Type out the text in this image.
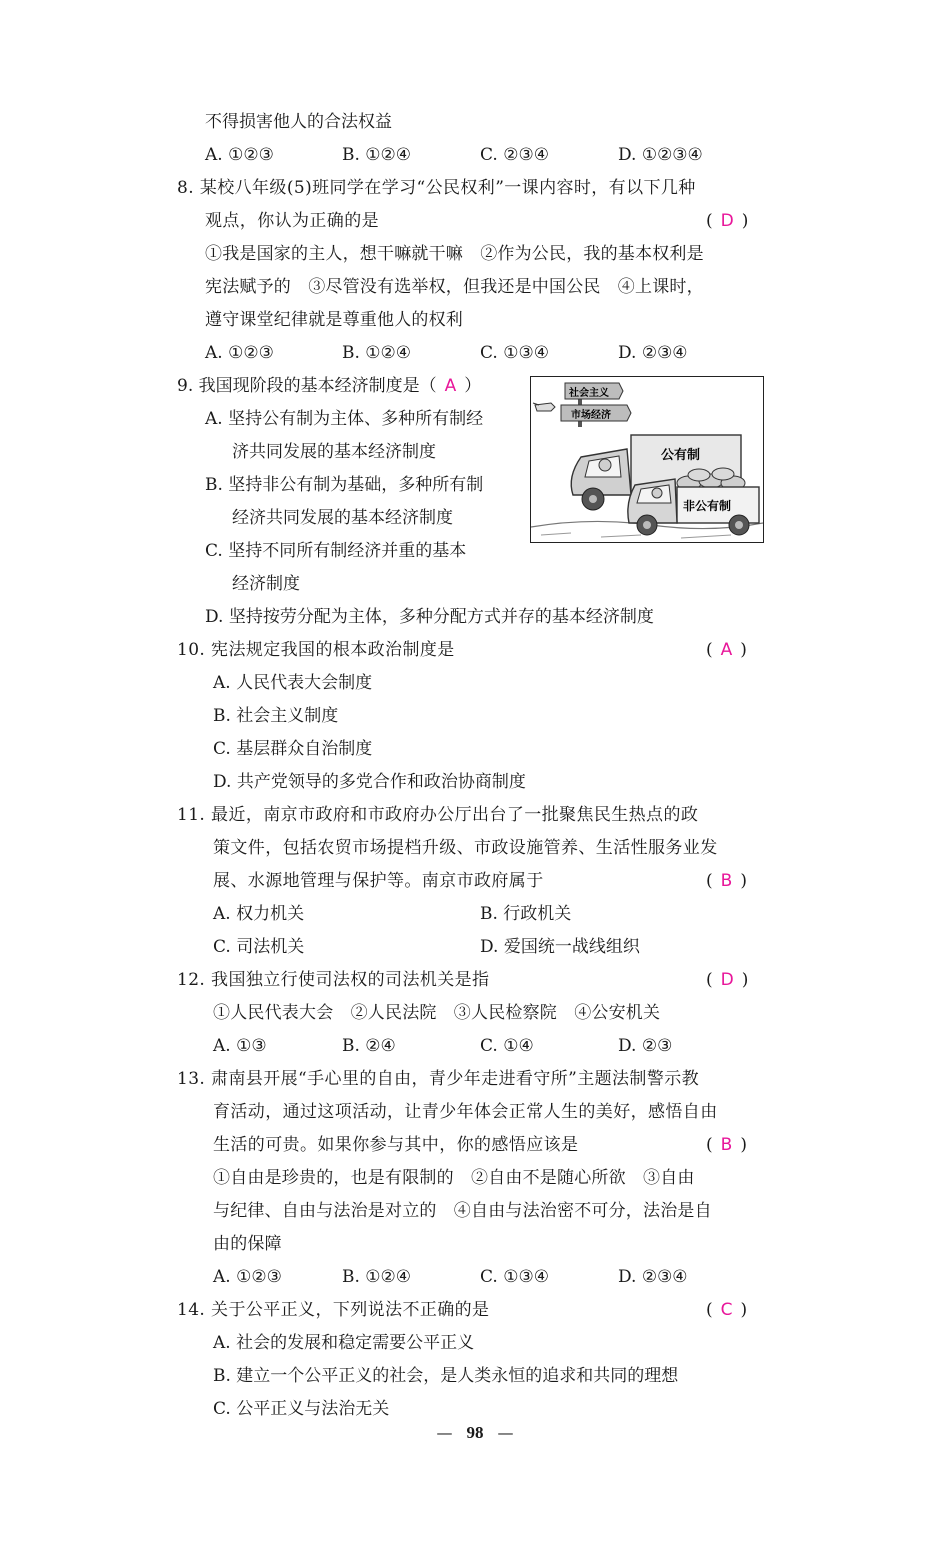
不得损害他人的合法权益
A. ①②③	B. ①②④	C. ②③④	D. ①②③④
8. 某校八年级(5)班同学在学习“公民权利”一课内容时，有以下几种
观点，你认为正确的是	( D )
①我是国家的主人，想干嘛就干嘛　②作为公民，我的基本权利是
宪法赋予的　③尽管没有选举权，但我还是中国公民　④上课时，
遵守课堂纪律就是尊重他人的权利
A. ①②③	B. ①②④	C. ①③④	D. ②③④
9. 我国现阶段的基本经济制度是（ A ）
A. 坚持公有制为主体、多种所有制经
济共同发展的基本经济制度
B. 坚持非公有制为基础，多种所有制
经济共同发展的基本经济制度
C. 坚持不同所有制经济并重的基本
经济制度
D. 坚持按劳分配为主体，多种分配方式并存的基本经济制度
社会主义
市场经济
公有制
非公有制
10. 宪法规定我国的根本政治制度是	( A )
A. 人民代表大会制度
B. 社会主义制度
C. 基层群众自治制度
D. 共产党领导的多党合作和政治协商制度
11. 最近，南京市政府和市政府办公厅出台了一批聚焦民生热点的政
策文件，包括农贸市场提档升级、市政设施管养、生活性服务业发
展、水源地管理与保护等。南京市政府属于	( B )
A. 权力机关	B. 行政机关
C. 司法机关	D. 爱国统一战线组织
12. 我国独立行使司法权的司法机关是指	( D )
①人民代表大会　②人民法院　③人民检察院　④公安机关
A. ①③	B. ②④	C. ①④	D. ②③
13. 肃南县开展“手心里的自由，青少年走进看守所”主题法制警示教
育活动，通过这项活动，让青少年体会正常人生的美好，感悟自由
生活的可贵。如果你参与其中，你的感悟应该是	( B )
①自由是珍贵的，也是有限制的　②自由不是随心所欲　③自由
与纪律、自由与法治是对立的　④自由与法治密不可分，法治是自
由的保障
A. ①②③	B. ①②④	C. ①③④	D. ②③④
14. 关于公平正义，下列说法不正确的是	( C )
A. 社会的发展和稳定需要公平正义
B. 建立一个公平正义的社会，是人类永恒的追求和共同的理想
C. 公平正义与法治无关
— 98 —
